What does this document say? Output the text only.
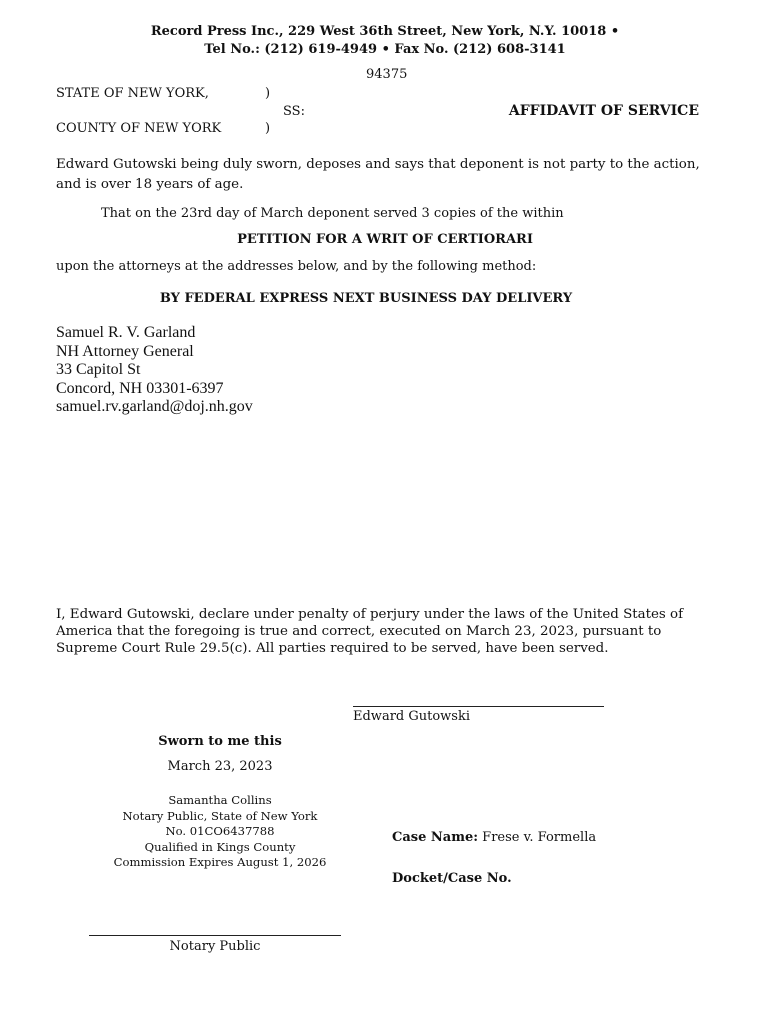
Record Press Inc., 229 West 36th Street, New York, N.Y. 10018 •
Tel No.: (212) 619-4949 • Fax No. (212) 608-3141
94375
STATE OF NEW YORK,	)
SS:
COUNTY OF NEW YORK	)
AFFIDAVIT OF SERVICE
Edward Gutowski being duly sworn, deposes and says that deponent is not party to the action,
and is over 18 years of age.
That on the 23rd day of March deponent served 3 copies of the within
PETITION FOR A WRIT OF CERTIORARI
upon the attorneys at the addresses below, and by the following method:
BY FEDERAL EXPRESS NEXT BUSINESS DAY DELIVERY
Samuel R. V. Garland
NH Attorney General
33 Capitol St
Concord, NH 03301-6397
samuel.rv.garland@doj.nh.gov
I, Edward Gutowski, declare under penalty of perjury under the laws of the United States of
America that the foregoing is true and correct, executed on March 23, 2023, pursuant to
Supreme Court Rule 29.5(c). All parties required to be served, have been served.
Edward Gutowski
Sworn to me this
March 23, 2023
Samantha Collins
Notary Public, State of New York
No. 01CO6437788
Qualified in Kings County
Commission Expires August 1, 2026
Case Name: Frese v. Formella
Docket/Case No.
Notary Public
